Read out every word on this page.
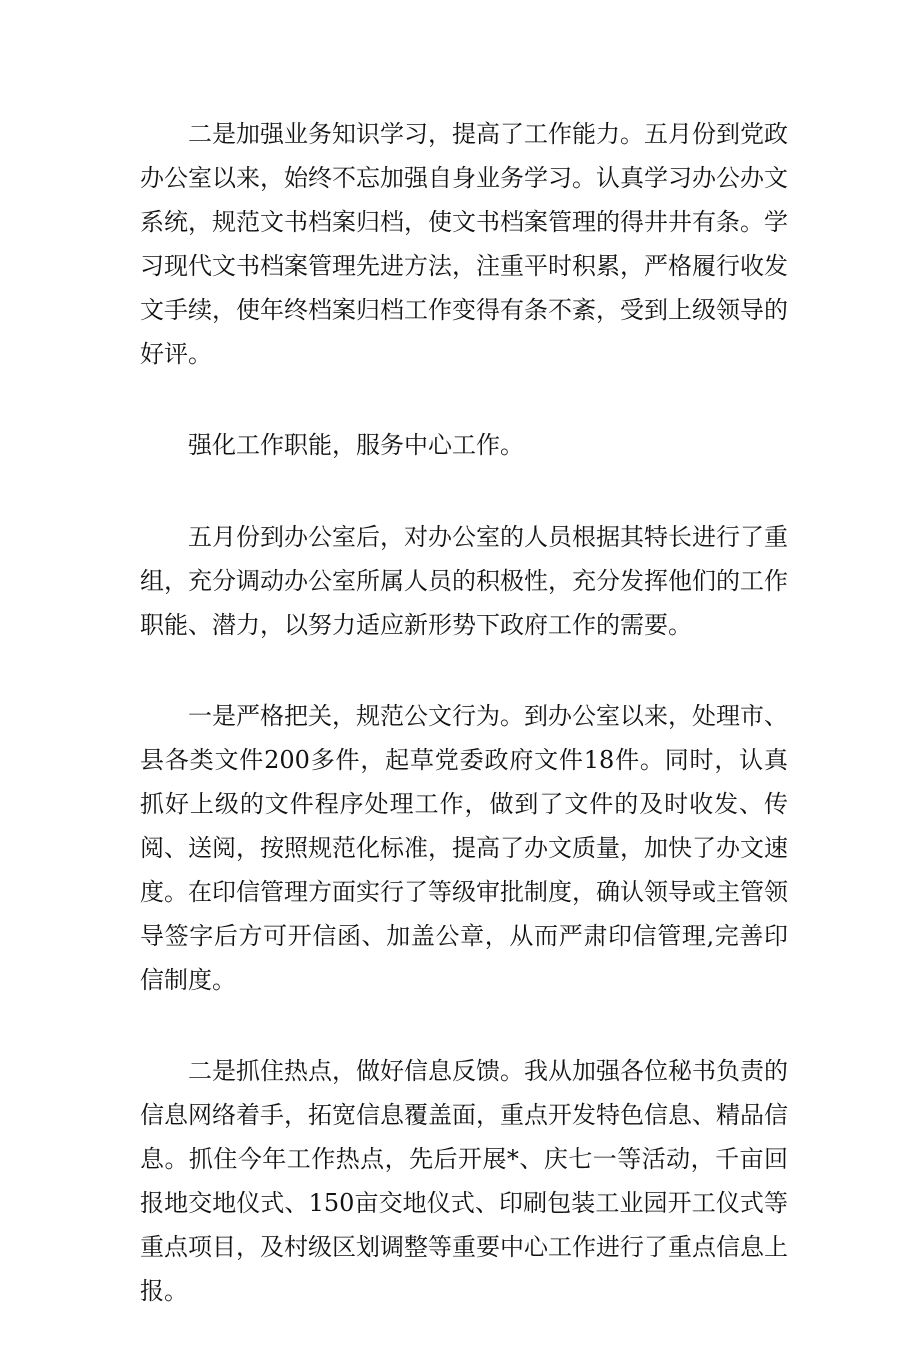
二是加强业务知识学习，提高了工作能力。五月份到党政办公室以来，始终不忘加强自身业务学习。认真学习办公办文系统，规范文书档案归档，使文书档案管理的得井井有条。学习现代文书档案管理先进方法，注重平时积累，严格履行收发文手续，使年终档案归档工作变得有条不紊，受到上级领导的好评。

强化工作职能，服务中心工作。

五月份到办公室后，对办公室的人员根据其特长进行了重组，充分调动办公室所属人员的积极性，充分发挥他们的工作职能、潜力，以努力适应新形势下政府工作的需要。

一是严格把关，规范公文行为。到办公室以来，处理市、县各类文件200多件，起草党委政府文件18件。同时，认真抓好上级的文件程序处理工作，做到了文件的及时收发、传阅、送阅，按照规范化标准，提高了办文质量，加快了办文速度。在印信管理方面实行了等级审批制度，确认领导或主管领导签字后方可开信函、加盖公章，从而严肃印信管理,完善印信制度。

二是抓住热点，做好信息反馈。我从加强各位秘书负责的信息网络着手，拓宽信息覆盖面，重点开发特色信息、精品信息。抓住今年工作热点，先后开展*、庆七一等活动，千亩回报地交地仪式、150亩交地仪式、印刷包装工业园开工仪式等重点项目，及村级区划调整等重要中心工作进行了重点信息上报。
